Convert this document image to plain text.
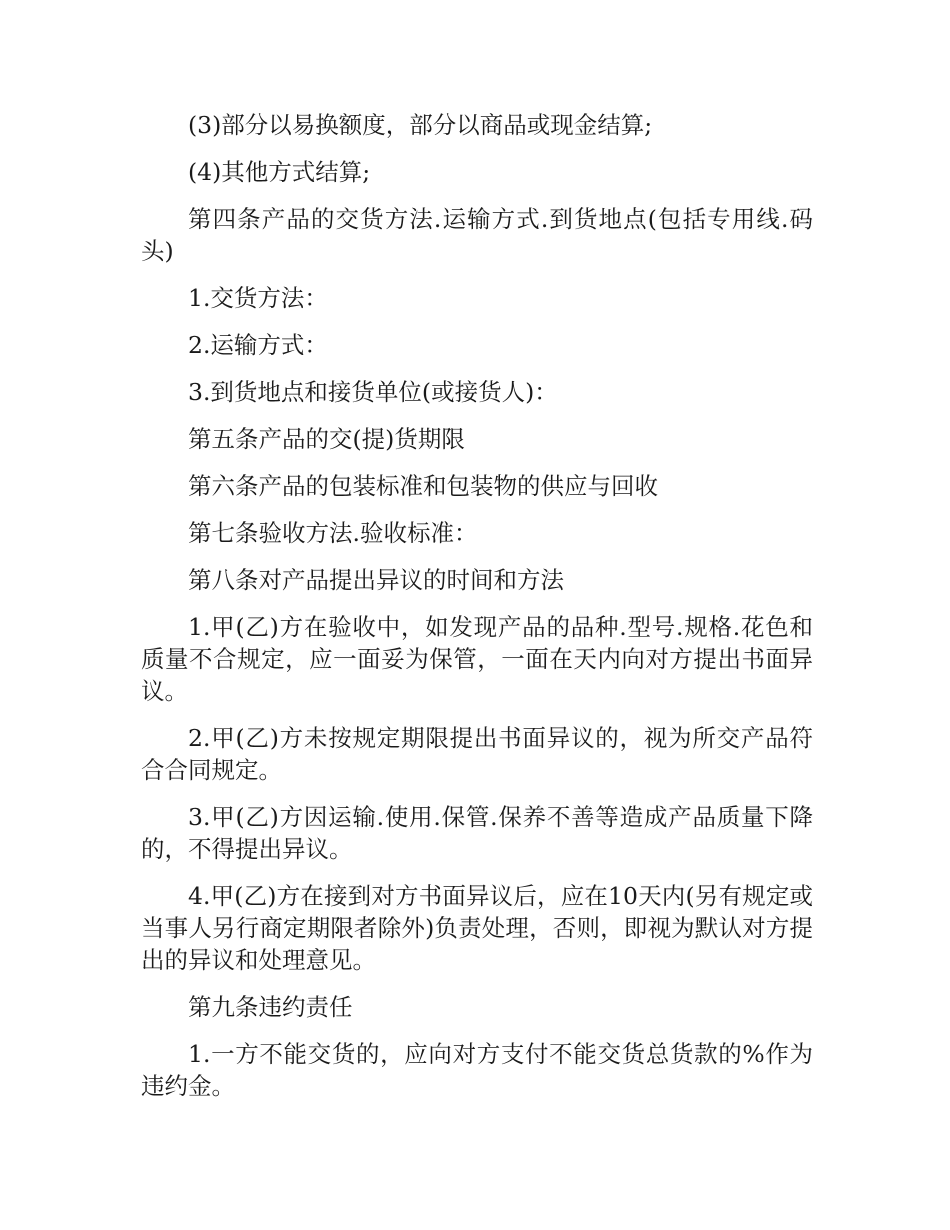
(3)部分以易换额度，部分以商品或现金结算;

(4)其他方式结算;

第四条产品的交货方法.运输方式.到货地点(包括专用线.码头)

1.交货方法：

2.运输方式：

3.到货地点和接货单位(或接货人)：

第五条产品的交(提)货期限

第六条产品的包装标准和包装物的供应与回收

第七条验收方法.验收标准：

第八条对产品提出异议的时间和方法

1.甲(乙)方在验收中，如发现产品的品种.型号.规格.花色和质量不合规定，应一面妥为保管，一面在天内向对方提出书面异议。

2.甲(乙)方未按规定期限提出书面异议的，视为所交产品符合合同规定。

3.甲(乙)方因运输.使用.保管.保养不善等造成产品质量下降的，不得提出异议。

4.甲(乙)方在接到对方书面异议后，应在10天内(另有规定或当事人另行商定期限者除外)负责处理，否则，即视为默认对方提出的异议和处理意见。

第九条违约责任

1.一方不能交货的，应向对方支付不能交货总货款的%作为违约金。
